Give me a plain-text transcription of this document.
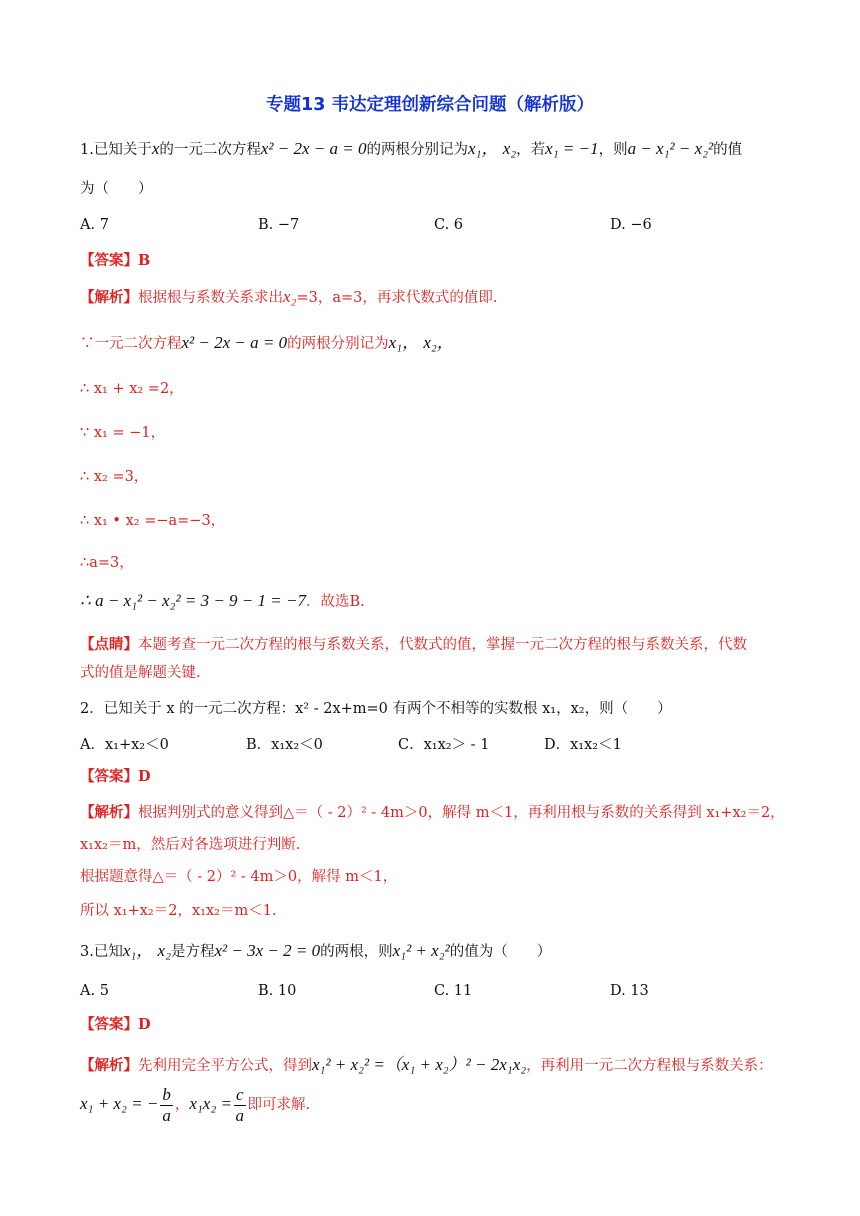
专题13 韦达定理创新综合问题（解析版）
1.已知关于x的一元二次方程x² − 2x − a = 0的两根分别记为x₁， x₂，若x₁ = −1，则a − x₁² − x₂²的值
为（　　）
A. 7	B. −7	C. 6	D. −6
【答案】B
【解析】根据根与系数关系求出x₂=3，a=3，再求代数式的值即.
∵一元二次方程x² − 2x − a = 0的两根分别记为x₁， x₂，
∴ x₁ + x₂ =2，
∵ x₁ = −1，
∴ x₂ =3，
∴ x₁ • x₂ =−a=−3，
∴a=3，
∴ a − x₁² − x₂² = 3 − 9 − 1 = −7．故选B.
【点睛】本题考查一元二次方程的根与系数关系，代数式的值，掌握一元二次方程的根与系数关系，代数
式的值是解题关键.
2．已知关于 x 的一元二次方程：x² - 2x+m=0 有两个不相等的实数根 x₁，x₂，则（　　）
A．x₁+x₂＜0	B．x₁x₂＜0	C．x₁x₂＞ - 1	D．x₁x₂＜1
【答案】D
【解析】根据判别式的意义得到△＝（ - 2）² - 4m＞0，解得 m＜1，再利用根与系数的关系得到 x₁+x₂＝2，
x₁x₂＝m，然后对各选项进行判断.
根据题意得△＝（ - 2）² - 4m＞0，解得 m＜1，
所以 x₁+x₂＝2，x₁x₂＝m＜1.
3.已知x₁， x₂是方程x² − 3x − 2 = 0的两根，则x₁² + x₂²的值为（　　）
A. 5	B. 10	C. 11	D. 13
【答案】D
【解析】先利用完全平方公式，得到x₁² + x₂² =（x₁ + x₂）² − 2x₁x₂，再利用一元二次方程根与系数关系：
x₁ + x₂ = − $\frac{b}{a}$ ，$x_1x_2 = \frac{c}{a}$ 即可求解.
